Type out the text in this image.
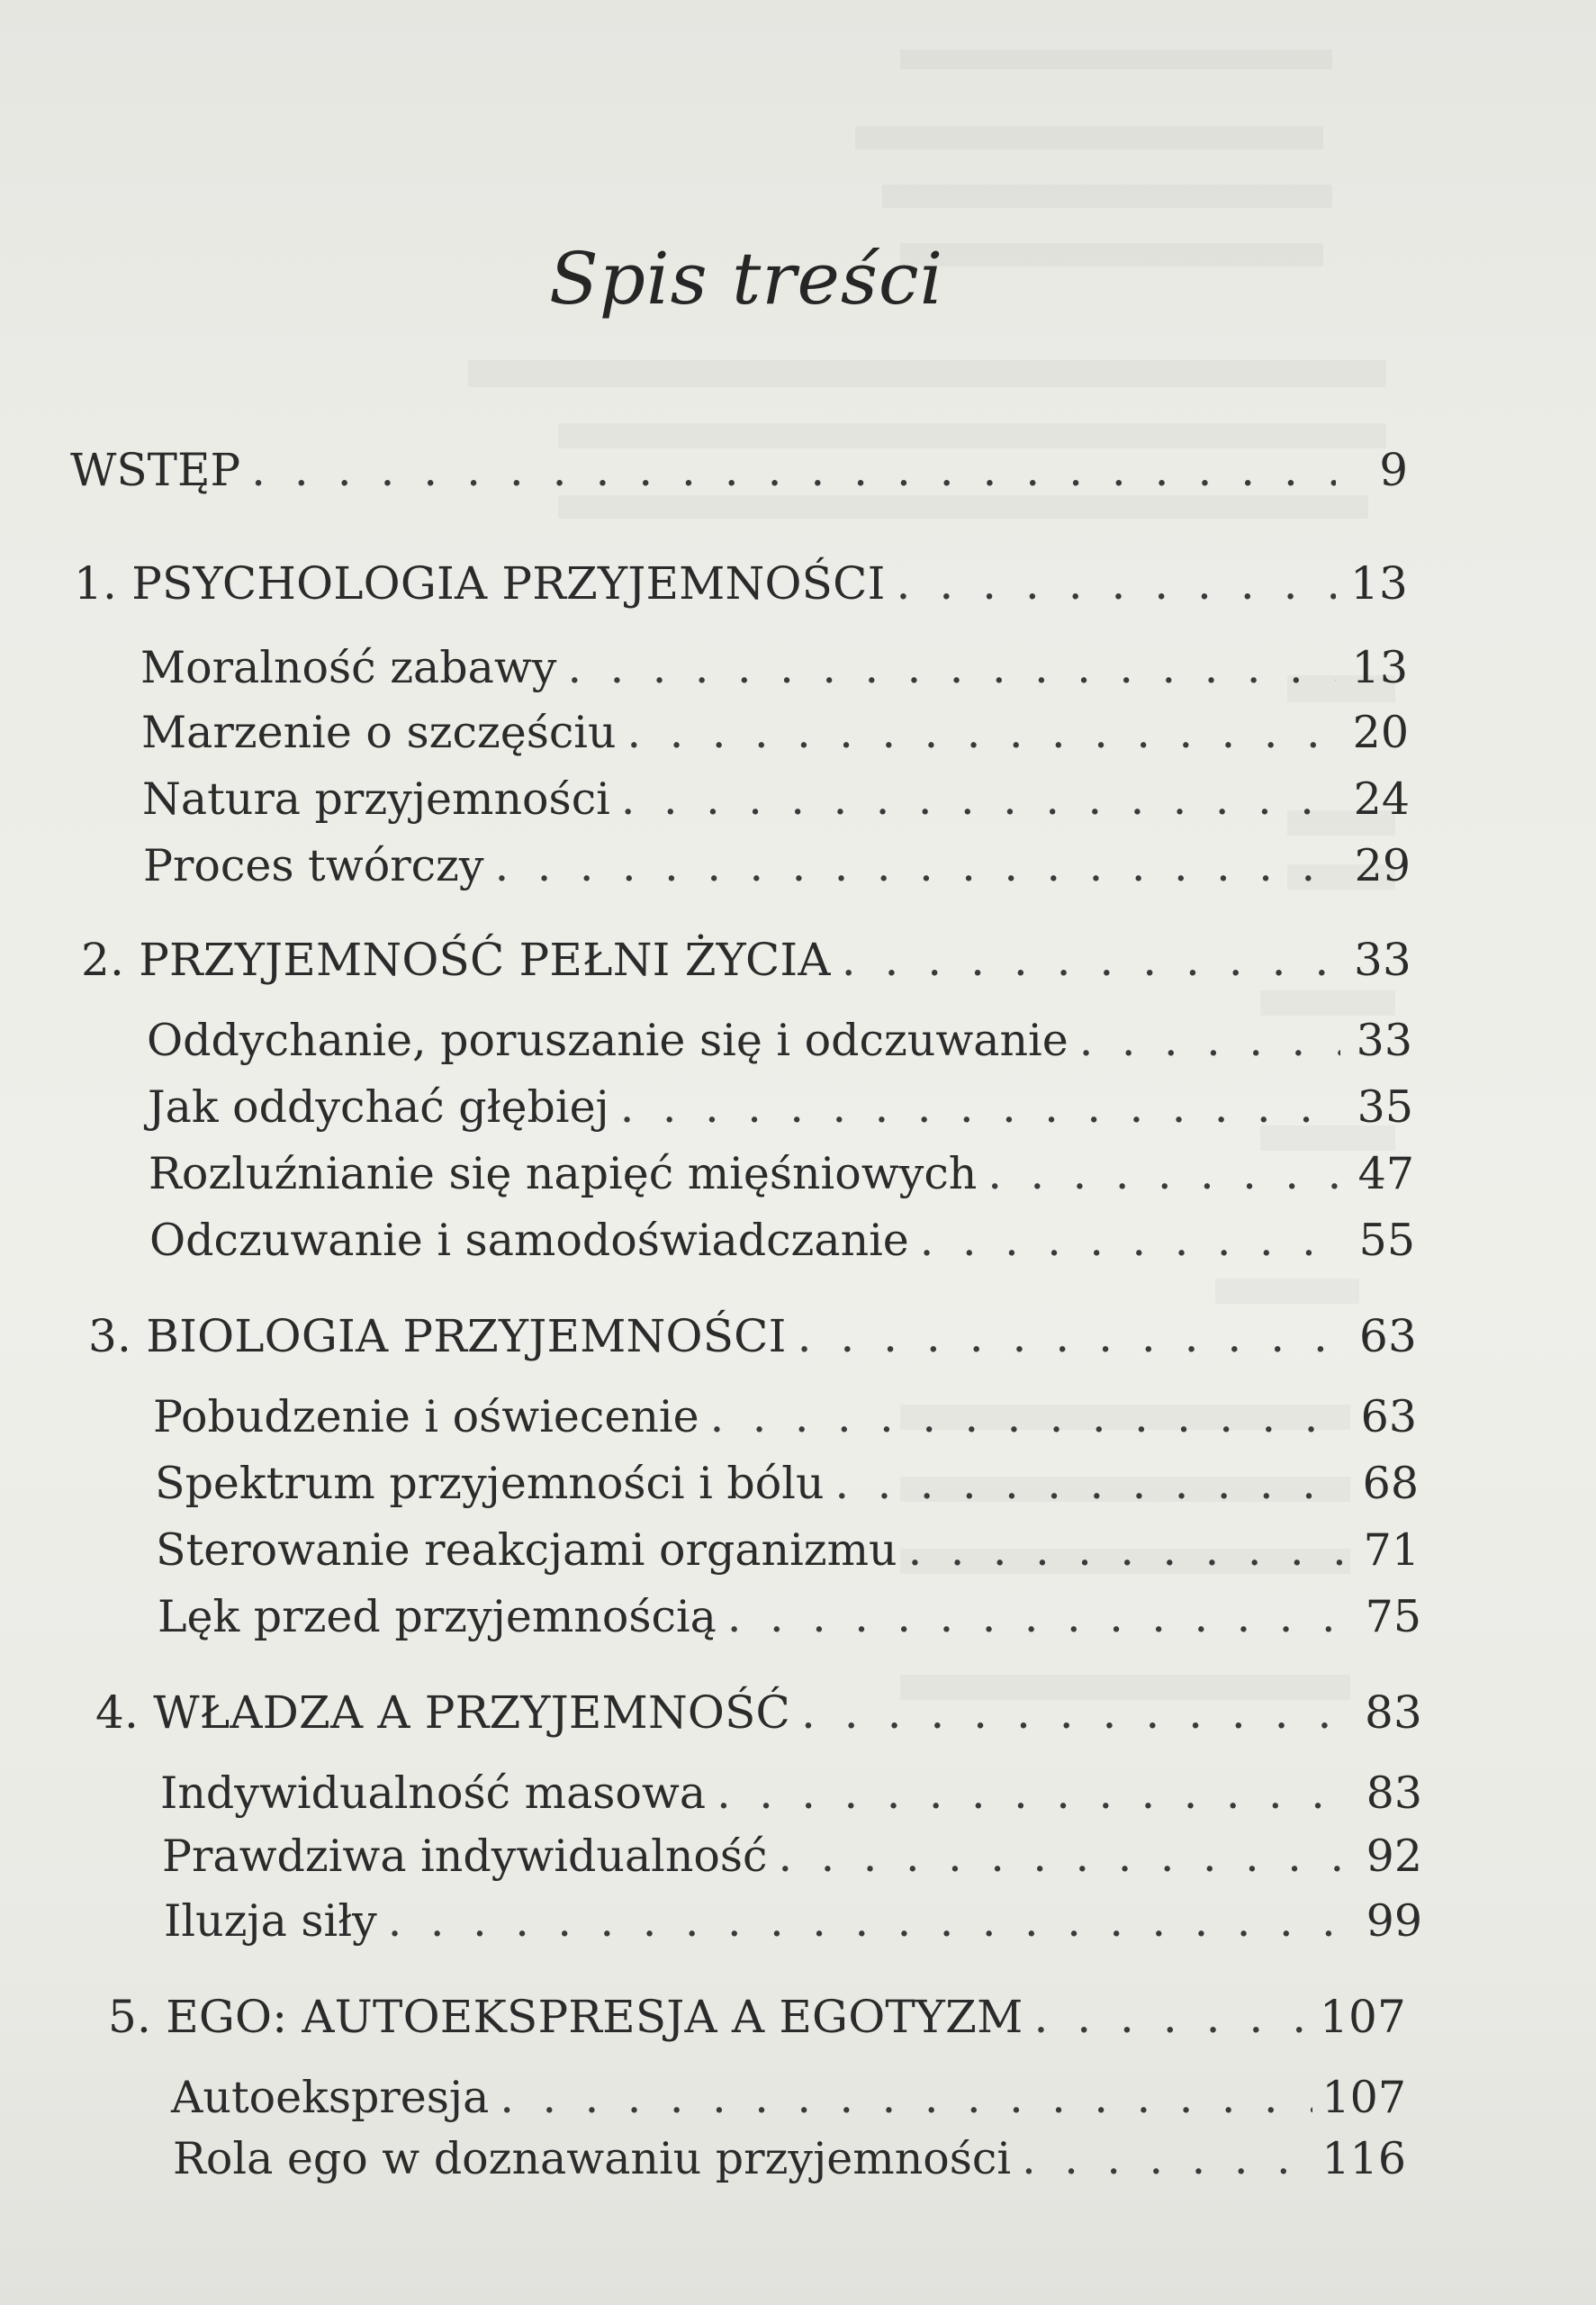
Spis treści
WSTĘP . . .	9
1. PSYCHOLOGIA PRZYJEMNOŚCI . . .	13
Moralność zabawy . . .	13
Marzenie o szczęściu . . .	20
Natura przyjemności . . .	24
Proces twórczy . . .	29
2. PRZYJEMNOŚĆ PEŁNI ŻYCIA . . .	33
Oddychanie, poruszanie się i odczuwanie . . .	33
Jak oddychać głębiej . . .	35
Rozluźnianie się napięć mięśniowych . . .	47
Odczuwanie i samodoświadczanie . . .	55
3. BIOLOGIA PRZYJEMNOŚCI . . .	63
Pobudzenie i oświecenie . . .	63
Spektrum przyjemności i bólu . . .	68
Sterowanie reakcjami organizmu . . .	71
Lęk przed przyjemnością . . .	75
4. WŁADZA A PRZYJEMNOŚĆ . . .	83
Indywidualność masowa . . .	83
Prawdziwa indywidualność . . .	92
Iluzja siły . . .	99
5. EGO: AUTOEKSPRESJA A EGOTYZM . . .	107
Autoekspresja . . .	107
Rola ego w doznawaniu przyjemności . . .	116
